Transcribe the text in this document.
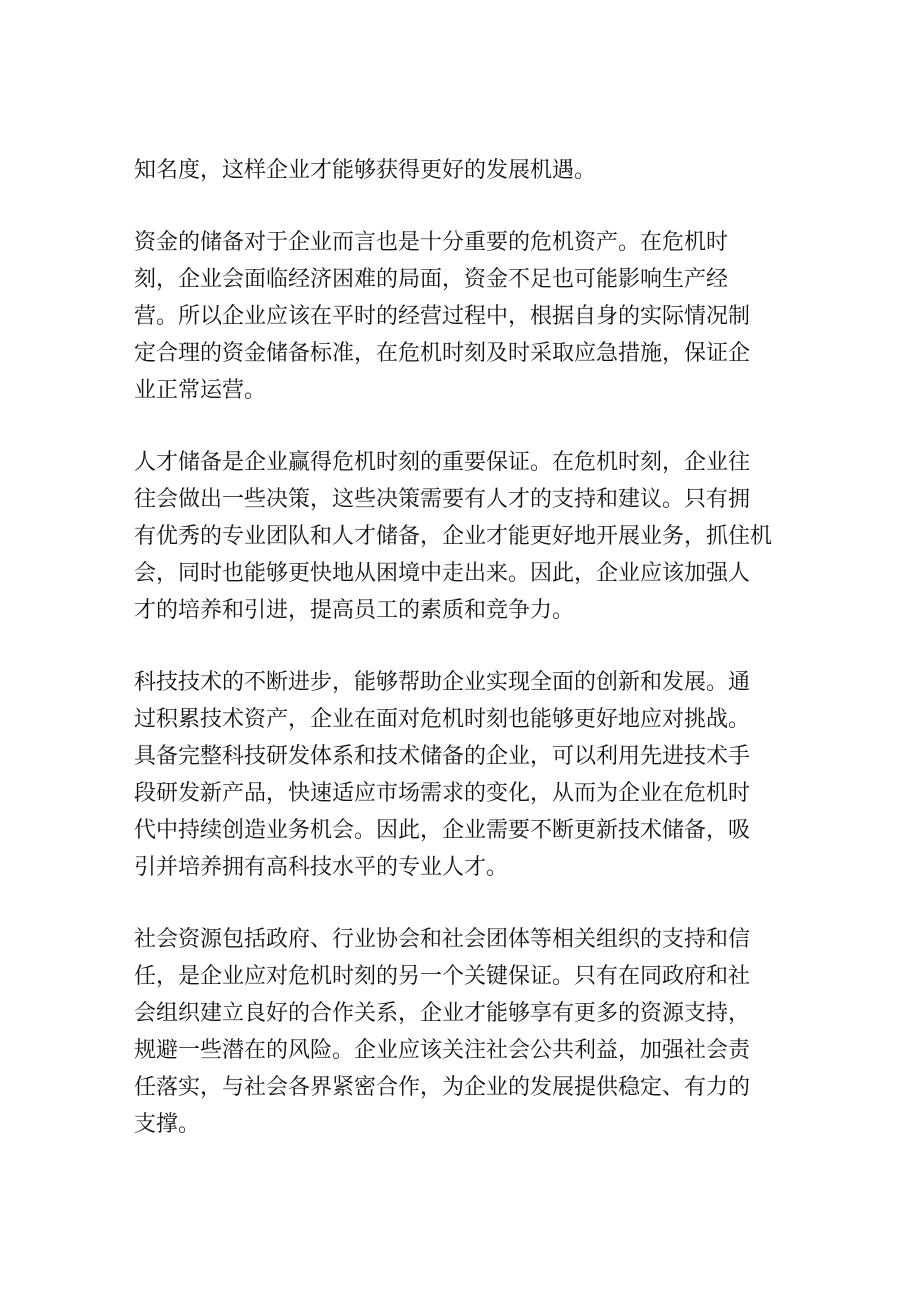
知名度，这样企业才能够获得更好的发展机遇。

资金的储备对于企业而言也是十分重要的危机资产。在危机时
刻，企业会面临经济困难的局面，资金不足也可能影响生产经
营。所以企业应该在平时的经营过程中，根据自身的实际情况制
定合理的资金储备标准，在危机时刻及时采取应急措施，保证企
业正常运营。

人才储备是企业赢得危机时刻的重要保证。在危机时刻，企业往
往会做出一些决策，这些决策需要有人才的支持和建议。只有拥
有优秀的专业团队和人才储备，企业才能更好地开展业务，抓住机
会，同时也能够更快地从困境中走出来。因此，企业应该加强人
才的培养和引进，提高员工的素质和竞争力。

科技技术的不断进步，能够帮助企业实现全面的创新和发展。通
过积累技术资产，企业在面对危机时刻也能够更好地应对挑战。
具备完整科技研发体系和技术储备的企业，可以利用先进技术手
段研发新产品，快速适应市场需求的变化，从而为企业在危机时
代中持续创造业务机会。因此，企业需要不断更新技术储备，吸
引并培养拥有高科技水平的专业人才。

社会资源包括政府、行业协会和社会团体等相关组织的支持和信
任，是企业应对危机时刻的另一个关键保证。只有在同政府和社
会组织建立良好的合作关系，企业才能够享有更多的资源支持，
规避一些潜在的风险。企业应该关注社会公共利益，加强社会责
任落实，与社会各界紧密合作，为企业的发展提供稳定、有力的
支撑。
